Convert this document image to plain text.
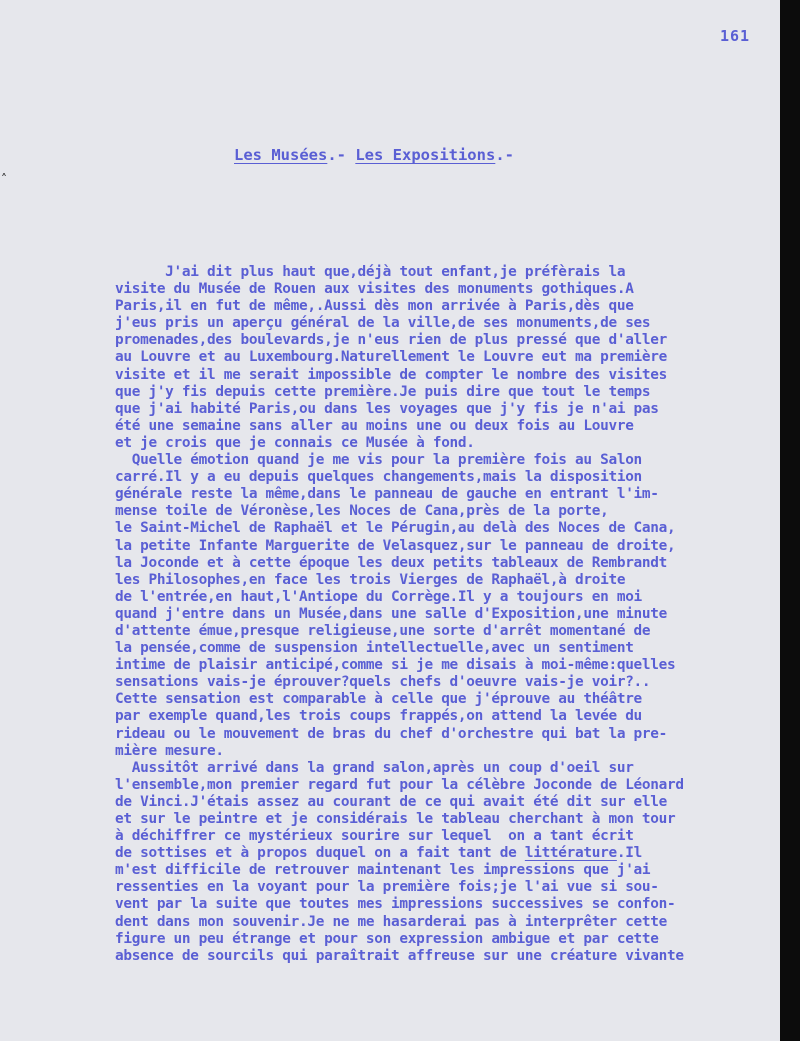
161
˄
Les Musées.- Les Expositions.-
J'ai dit plus haut que,déjà tout enfant,je préfèrais la
visite du Musée de Rouen aux visites des monuments gothiques.A
Paris,il en fut de même,.Aussi dès mon arrivée à Paris,dès que
j'eus pris un aperçu général de la ville,de ses monuments,de ses
promenades,des boulevards,je n'eus rien de plus pressé que d'aller
au Louvre et au Luxembourg.Naturellement le Louvre eut ma première
visite et il me serait impossible de compter le nombre des visites
que j'y fis depuis cette première.Je puis dire que tout le temps
que j'ai habité Paris,ou dans les voyages que j'y fis je n'ai pas
été une semaine sans aller au moins une ou deux fois au Louvre
et je crois que je connais ce Musée à fond.
Quelle émotion quand je me vis pour la première fois au Salon
carré.Il y a eu depuis quelques changements,mais la disposition
générale reste la même,dans le panneau de gauche en entrant l'im-
mense toile de Véronèse,les Noces de Cana,près de la porte,
le Saint-Michel de Raphaël et le Pérugin,au delà des Noces de Cana,
la petite Infante Marguerite de Velasquez,sur le panneau de droite,
la Joconde et à cette époque les deux petits tableaux de Rembrandt
les Philosophes,en face les trois Vierges de Raphaël,à droite
de l'entrée,en haut,l'Antiope du Corrège.Il y a toujours en moi
quand j'entre dans un Musée,dans une salle d'Exposition,une minute
d'attente émue,presque religieuse,une sorte d'arrêt momentané de
la pensée,comme de suspension intellectuelle,avec un sentiment
intime de plaisir anticipé,comme si je me disais à moi-même:quelles
sensations vais-je éprouver?quels chefs d'oeuvre vais-je voir?..
Cette sensation est comparable à celle que j'éprouve au théâtre
par exemple quand,les trois coups frappés,on attend la levée du
rideau ou le mouvement de bras du chef d'orchestre qui bat la pre-
mière mesure.
Aussitôt arrivé dans la grand salon,après un coup d'oeil sur
l'ensemble,mon premier regard fut pour la célèbre Joconde de Léonard
de Vinci.J'étais assez au courant de ce qui avait été dit sur elle
et sur le peintre et je considérais le tableau cherchant à mon tour
à déchiffrer ce mystérieux sourire sur lequel  on a tant écrit
de sottises et à propos duquel on a fait tant de littérature.Il
m'est difficile de retrouver maintenant les impressions que j'ai
ressenties en la voyant pour la première fois;je l'ai vue si sou-
vent par la suite que toutes mes impressions successives se confon-
dent dans mon souvenir.Je ne me hasarderai pas à interprêter cette
figure un peu étrange et pour son expression ambigue et par cette
absence de sourcils qui paraîtrait affreuse sur une créature vivante
